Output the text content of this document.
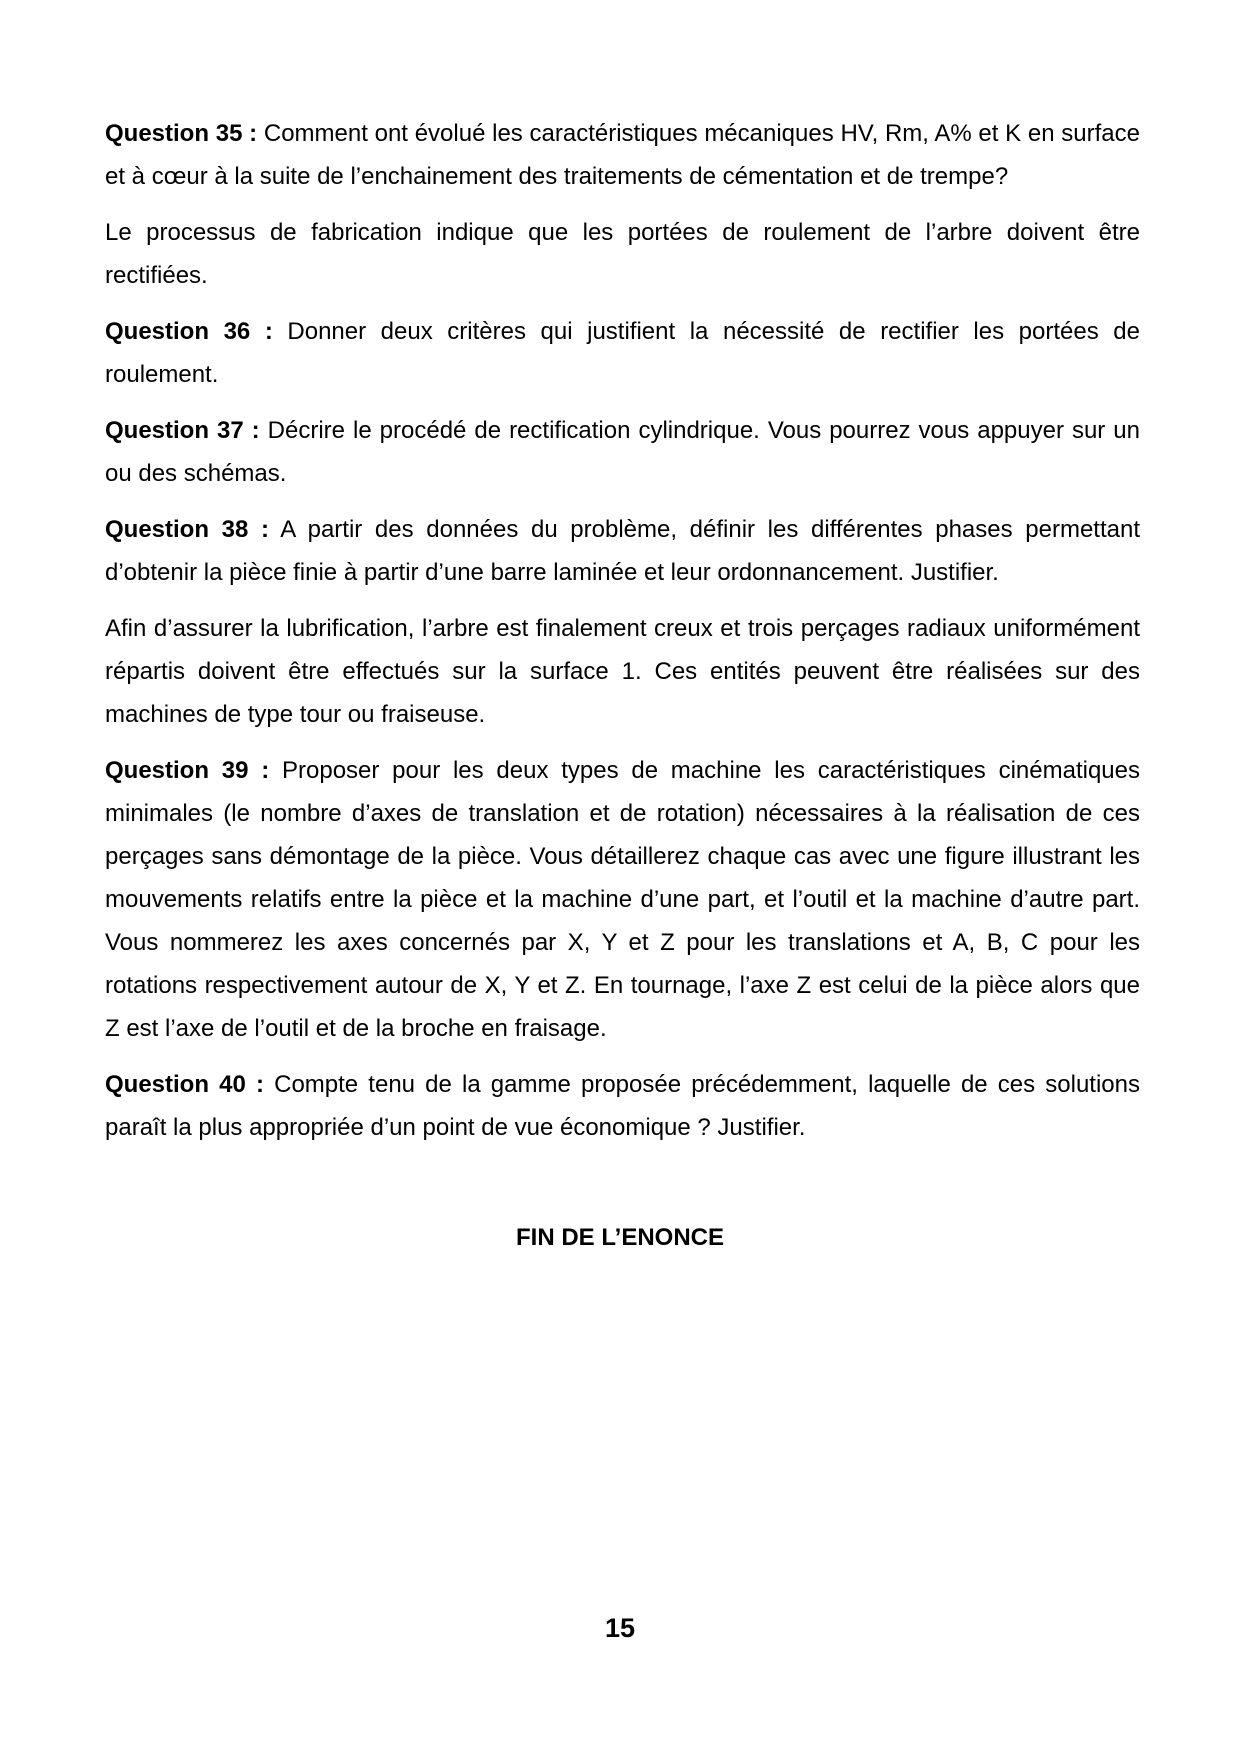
Question 35 : Comment ont évolué les caractéristiques mécaniques HV, Rm, A% et K en surface et à cœur à la suite de l’enchainement des traitements de cémentation et de trempe?

Le processus de fabrication indique que les portées de roulement de l’arbre doivent être rectifiées.

Question 36 : Donner deux critères qui justifient la nécessité de rectifier les portées de roulement.

Question 37 : Décrire le procédé de rectification cylindrique. Vous pourrez vous appuyer sur un ou des schémas.

Question 38 : A partir des données du problème, définir les différentes phases permettant d’obtenir la pièce finie à partir d’une barre laminée et leur ordonnancement. Justifier.

Afin d’assurer la lubrification, l’arbre est finalement creux et trois perçages radiaux uniformément répartis doivent être effectués sur la surface 1. Ces entités peuvent être réalisées sur des machines de type tour ou fraiseuse.

Question 39 : Proposer pour les deux types de machine les caractéristiques cinématiques minimales (le nombre d’axes de translation et de rotation) nécessaires à la réalisation de ces perçages sans démontage de la pièce. Vous détaillerez chaque cas avec une figure illustrant les mouvements relatifs entre la pièce et la machine d’une part, et l’outil et la machine d’autre part. Vous nommerez les axes concernés par X, Y et Z pour les translations et A, B, C pour les rotations respectivement autour de X, Y et Z. En tournage, l’axe Z est celui de la pièce alors que Z est l’axe de l’outil et de la broche en fraisage.

Question 40 : Compte tenu de la gamme proposée précédemment, laquelle de ces solutions paraît la plus appropriée d’un point de vue économique ? Justifier.

FIN DE L’ENONCE
15
